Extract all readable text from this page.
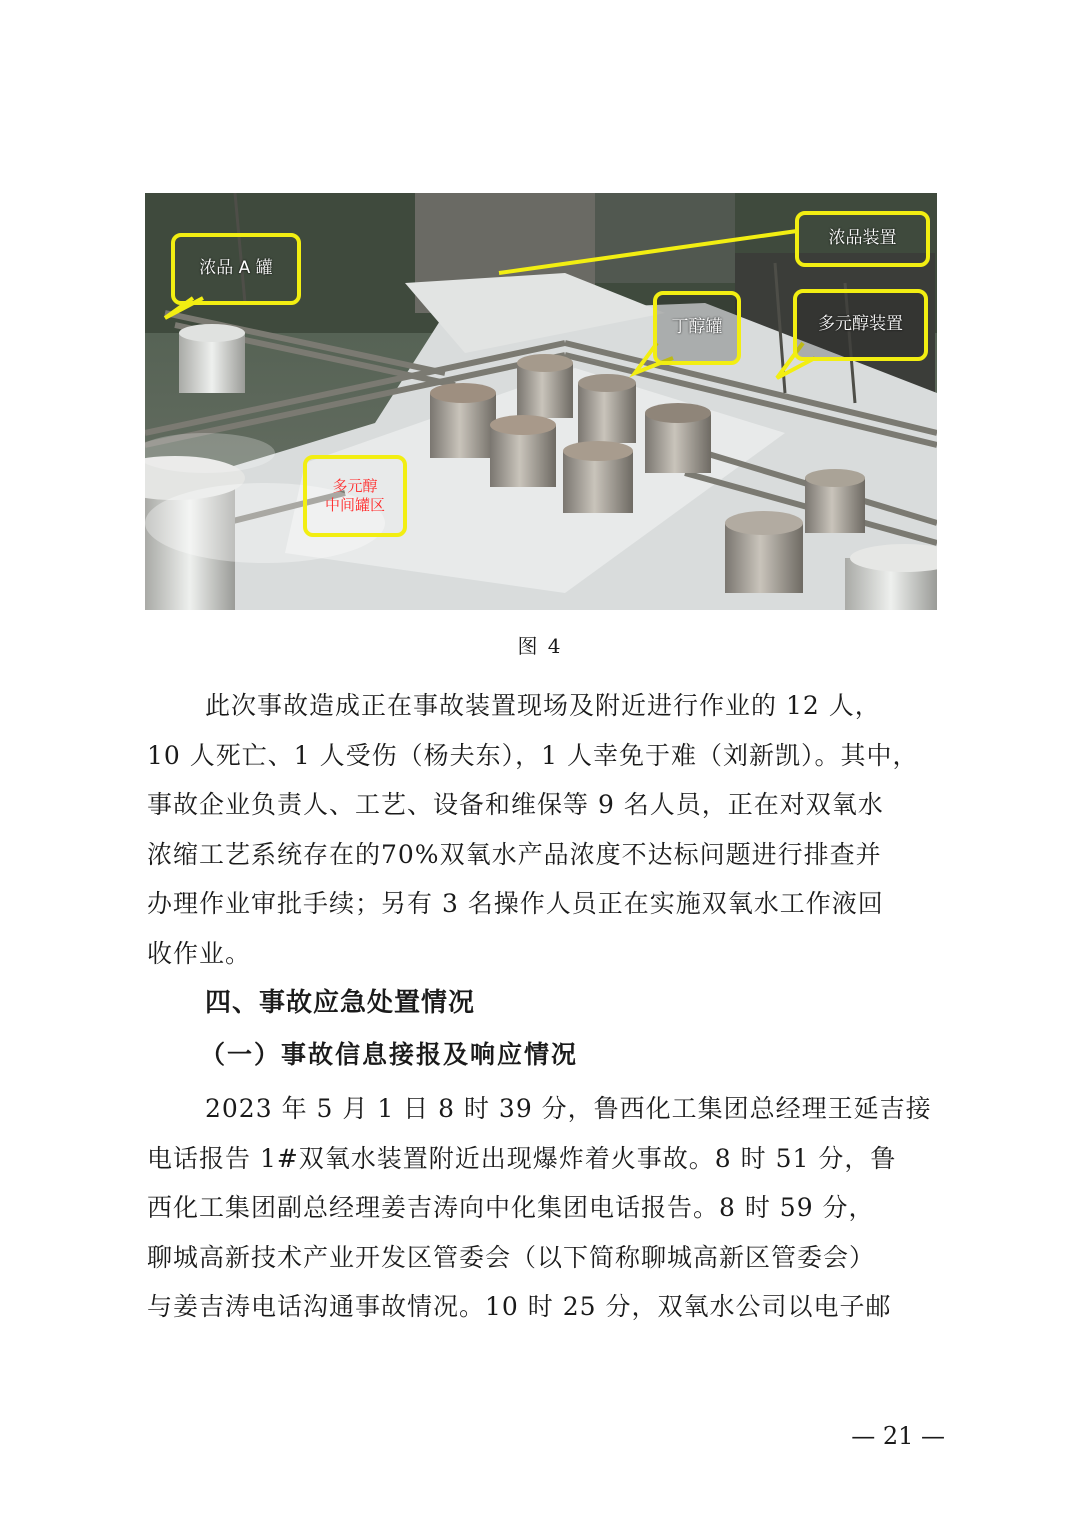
浓品 A 罐
浓品装置
丁醇罐	多元醇装置
多元醇
中间罐区
图 4
此次事故造成正在事故装置现场及附近进行作业的 12 人，
10 人死亡、1 人受伤（杨夫东），1 人幸免于难（刘新凯）。其中，
事故企业负责人、工艺、设备和维保等 9 名人员，正在对双氧水
浓缩工艺系统存在的70%双氧水产品浓度不达标问题进行排查并
办理作业审批手续；另有 3 名操作人员正在实施双氧水工作液回
收作业。
四、事故应急处置情况
（一）事故信息接报及响应情况
2023 年 5 月 1 日 8 时 39 分，鲁西化工集团总经理王延吉接
电话报告 1#双氧水装置附近出现爆炸着火事故。8 时 51 分，鲁
西化工集团副总经理姜吉涛向中化集团电话报告。8 时 59 分，
聊城高新技术产业开发区管委会（以下简称聊城高新区管委会）
与姜吉涛电话沟通事故情况。10 时 25 分，双氧水公司以电子邮
— 21 —
